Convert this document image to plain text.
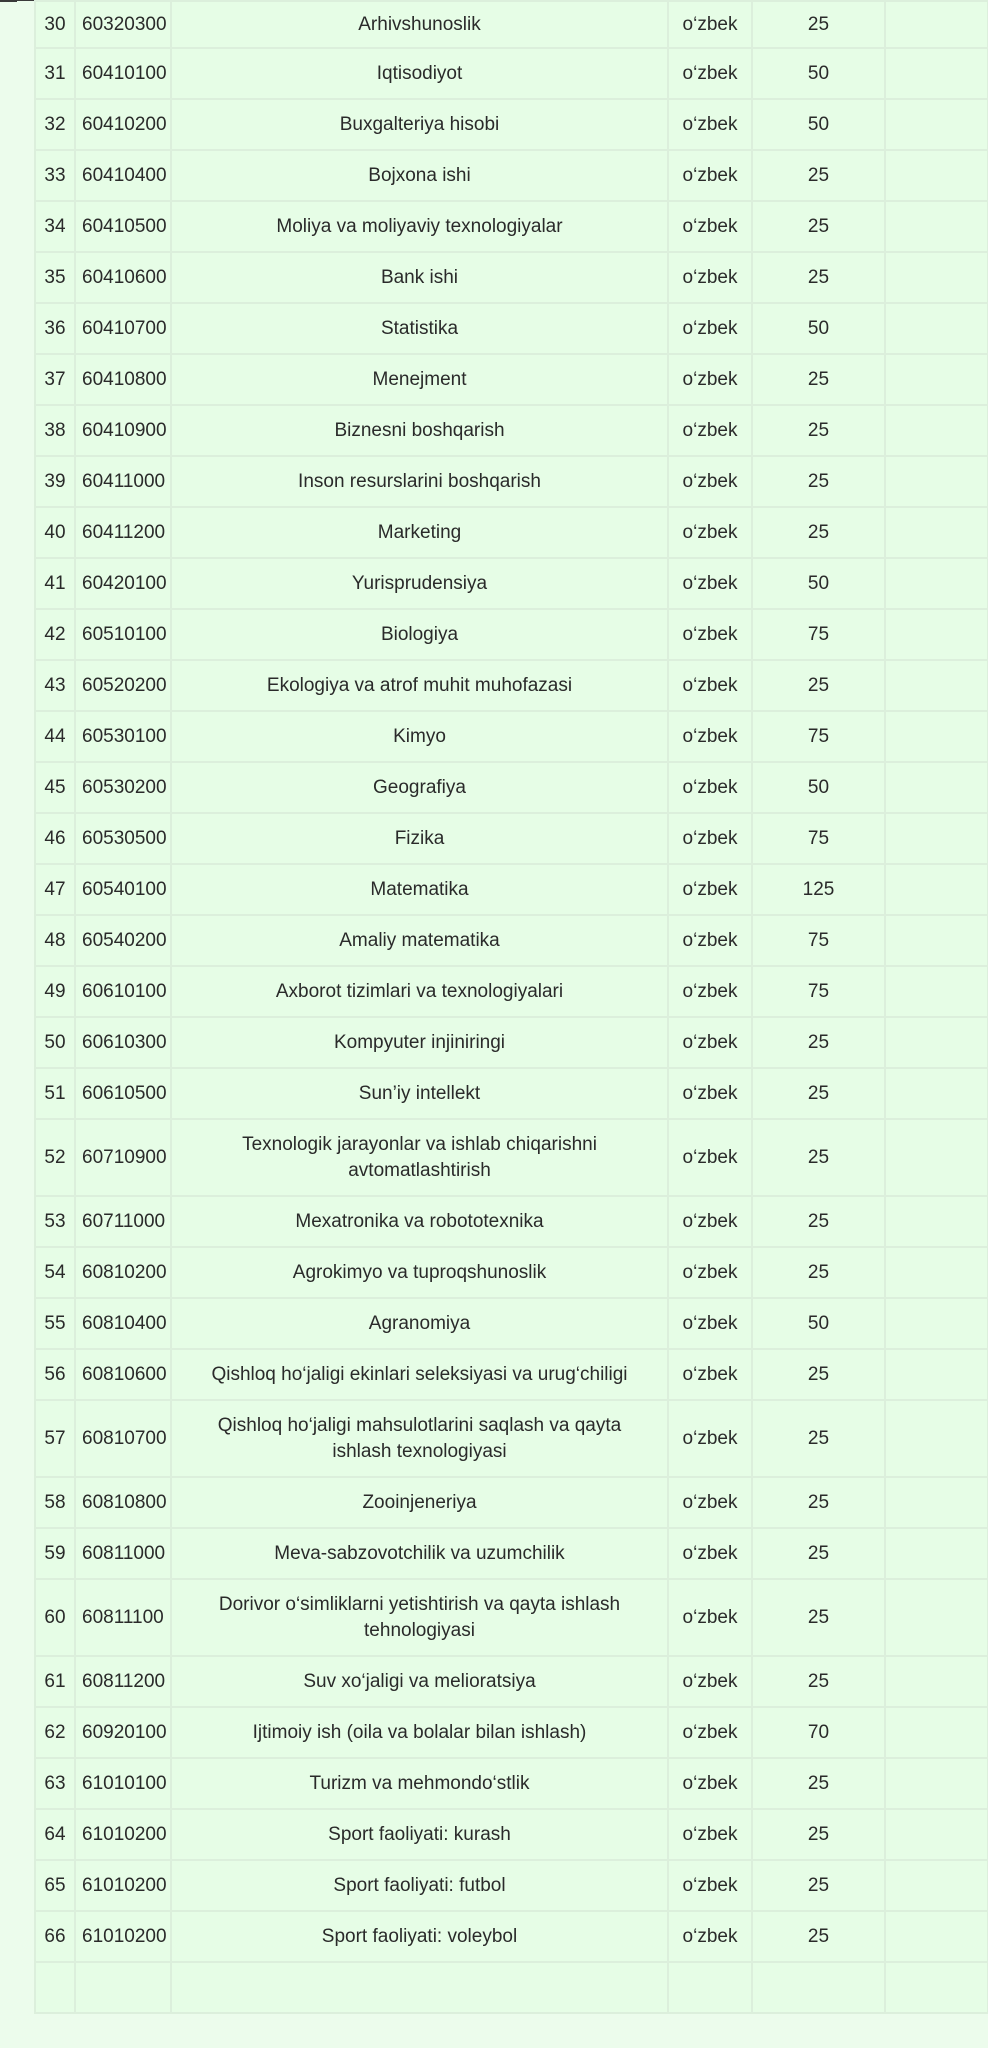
	30	60320300	Arhivshunoslik	o‘zbek	25	
	31	60410100	Iqtisodiyot	o‘zbek	50	
	32	60410200	Buxgalteriya hisobi	o‘zbek	50	
	33	60410400	Bojxona ishi	o‘zbek	25	
	34	60410500	Moliya va moliyaviy texnologiyalar	o‘zbek	25	
	35	60410600	Bank ishi	o‘zbek	25	
	36	60410700	Statistika	o‘zbek	50	
	37	60410800	Menejment	o‘zbek	25	
	38	60410900	Biznesni boshqarish	o‘zbek	25	
	39	60411000	Inson resurslarini boshqarish	o‘zbek	25	
	40	60411200	Marketing	o‘zbek	25	
	41	60420100	Yurisprudensiya	o‘zbek	50	
	42	60510100	Biologiya	o‘zbek	75	
	43	60520200	Ekologiya va atrof muhit muhofazasi	o‘zbek	25	
	44	60530100	Kimyo	o‘zbek	75	
	45	60530200	Geografiya	o‘zbek	50	
	46	60530500	Fizika	o‘zbek	75	
	47	60540100	Matematika	o‘zbek	125	
	48	60540200	Amaliy matematika	o‘zbek	75	
	49	60610100	Axborot tizimlari va texnologiyalari	o‘zbek	75	
	50	60610300	Kompyuter injiniringi	o‘zbek	25	
	51	60610500	Sun’iy intellekt	o‘zbek	25	
	52	60710900	Texnologik jarayonlar va ishlab chiqarishni avtomatlashtirish	o‘zbek	25	
	53	60711000	Mexatronika va robototexnika	o‘zbek	25	
	54	60810200	Agrokimyo va tuproqshunoslik	o‘zbek	25	
	55	60810400	Agranomiya	o‘zbek	50	
	56	60810600	Qishloq ho‘jaligi ekinlari seleksiyasi va urug‘chiligi	o‘zbek	25	
	57	60810700	Qishloq ho‘jaligi mahsulotlarini saqlash va qayta ishlash texnologiyasi	o‘zbek	25	
	58	60810800	Zooinjeneriya	o‘zbek	25	
	59	60811000	Meva-sabzovotchilik va uzumchilik	o‘zbek	25	
	60	60811100	Dorivor o‘simliklarni yetishtirish va qayta ishlash tehnologiyasi	o‘zbek	25	
	61	60811200	Suv xo‘jaligi va melioratsiya	o‘zbek	25	
	62	60920100	Ijtimoiy ish (oila va bolalar bilan ishlash)	o‘zbek	70	
	63	61010100	Turizm va mehmondo‘stlik	o‘zbek	25	
	64	61010200	Sport faoliyati: kurash	o‘zbek	25	
	65	61010200	Sport faoliyati: futbol	o‘zbek	25	
	66	61010200	Sport faoliyati: voleybol	o‘zbek	25	
